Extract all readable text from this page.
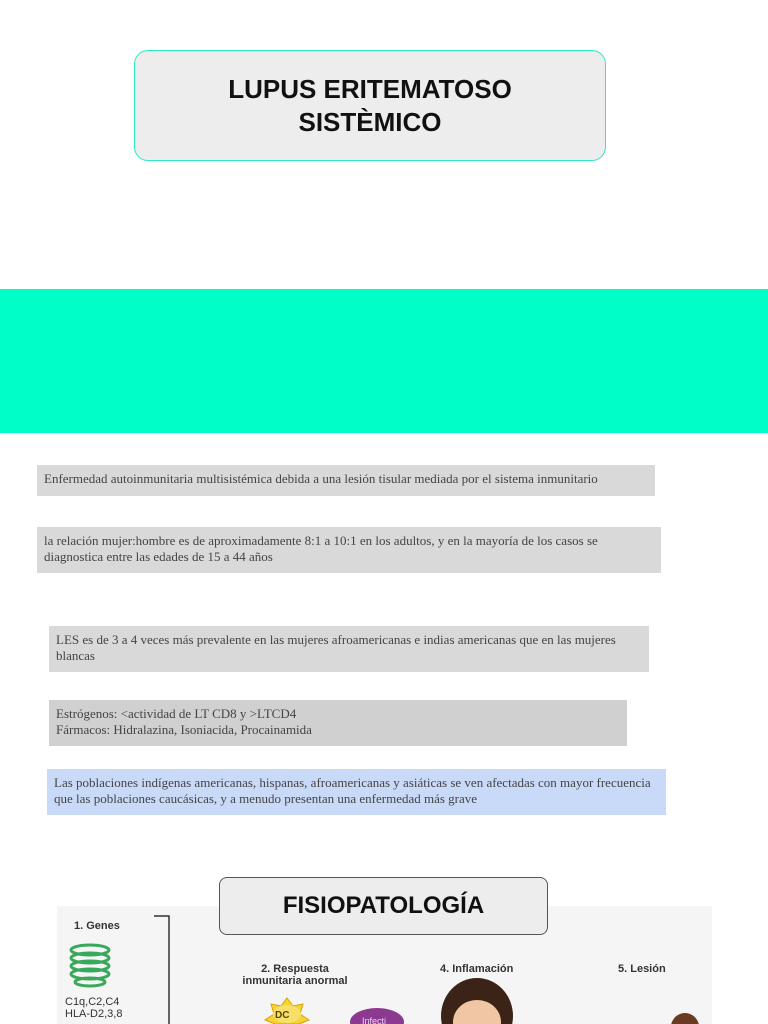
LUPUS ERITEMATOSO
SISTÈMICO
Enfermedad autoinmunitaria multisistémica debida a una lesión tisular mediada por el sistema inmunitario
la relación mujer:hombre es de aproximadamente 8:1 a 10:1 en los adultos, y en la mayoría de los casos se diagnostica entre las edades de 15 a 44 años
LES es de 3 a 4 veces más prevalente en las mujeres afroamericanas e indias americanas que en las mujeres blancas
Estrógenos: <actividad de LT CD8 y >LTCD4
Fármacos: Hidralazina, Isoniacida, Procainamida
Las poblaciones indígenas americanas, hispanas, afroamericanas y asiáticas se ven afectadas con mayor frecuencia que las poblaciones caucásicas, y a menudo presentan una enfermedad más grave
1. Genes
C1q,C2,C4
HLA-D2,3,8
2. Respuesta
inmunitaria anormal
DC	Infecti
4. Inflamación	5. Lesión
FISIOPATOLOGÍA
